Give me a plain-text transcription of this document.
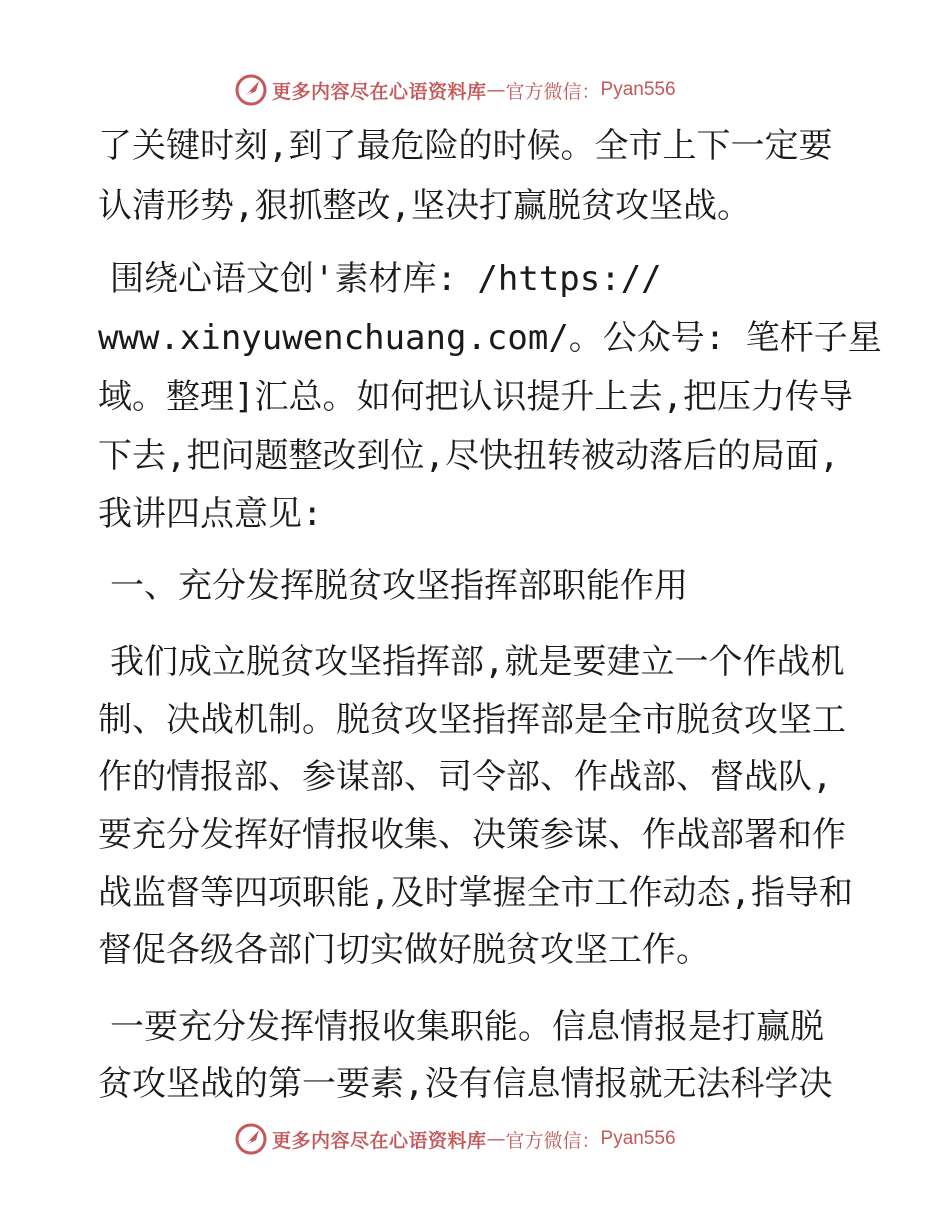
更多内容尽在心语资料库 — 官方微信： Pyan556
了关键时刻,到了最危险的时候。全市上下一定要
认清形势,狠抓整改,坚决打赢脱贫攻坚战。
围绕心语文创'素材库: /https://
www.xinyuwenchuang.com/。公众号: 笔杆子星
域。整理]汇总。如何把认识提升上去,把压力传导
下去,把问题整改到位,尽快扭转被动落后的局面,
我讲四点意见:
一、充分发挥脱贫攻坚指挥部职能作用
我们成立脱贫攻坚指挥部,就是要建立一个作战机
制、决战机制。脱贫攻坚指挥部是全市脱贫攻坚工
作的情报部、参谋部、司令部、作战部、督战队,
要充分发挥好情报收集、决策参谋、作战部署和作
战监督等四项职能,及时掌握全市工作动态,指导和
督促各级各部门切实做好脱贫攻坚工作。
一要充分发挥情报收集职能。信息情报是打赢脱
贫攻坚战的第一要素,没有信息情报就无法科学决
更多内容尽在心语资料库 — 官方微信： Pyan556
